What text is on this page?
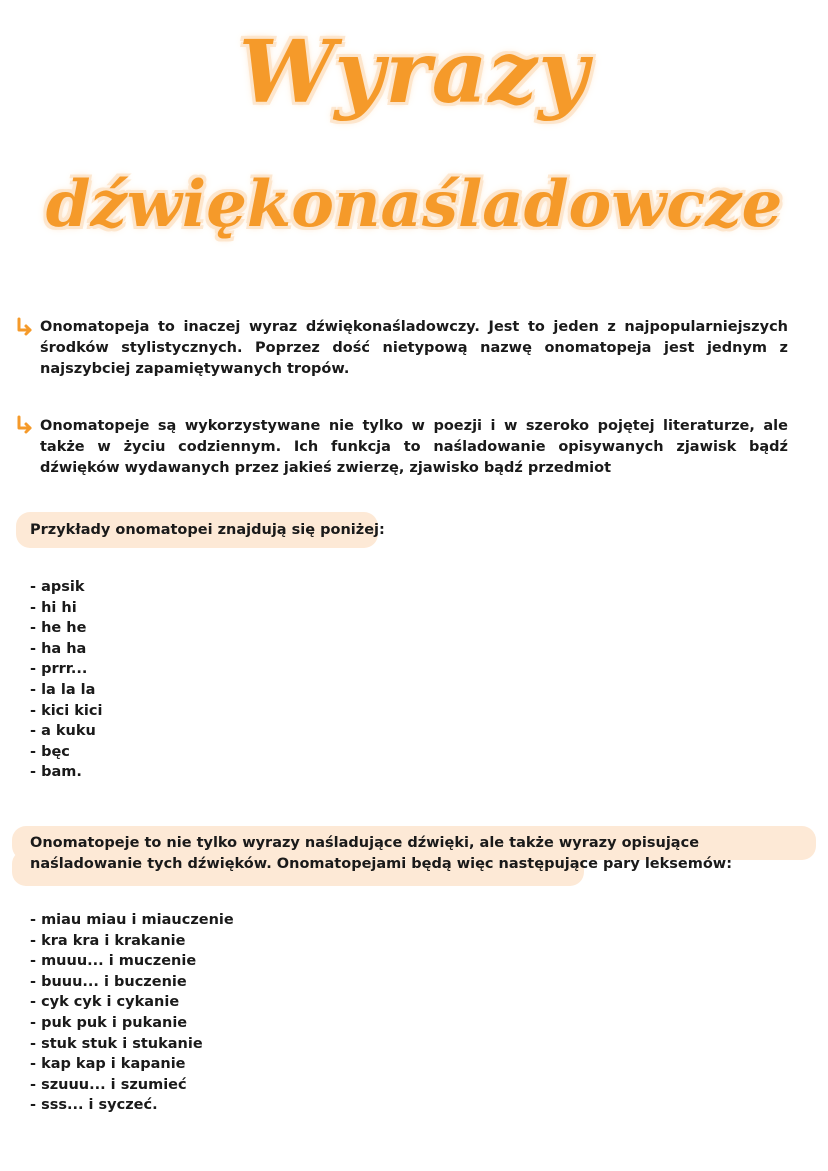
Wyrazy
dźwiękonaśladowcze
Onomatopeja to inaczej wyraz dźwiękonaśladowczy. Jest to jeden z najpopularniejszych środków stylistycznych. Poprzez dość nietypową nazwę onomatopeja jest jednym z najszybciej zapamiętywanych tropów.
Onomatopeje są wykorzystywane nie tylko w poezji i w szeroko pojętej literaturze, ale także w życiu codziennym. Ich funkcja to naśladowanie opisywanych zjawisk bądź dźwięków wydawanych przez jakieś zwierzę, zjawisko bądź przedmiot
Przykłady onomatopei znajdują się poniżej:
- apsik
- hi hi
- he he
- ha ha
- prrr...
- la la la
- kici kici
- a kuku
- bęc
- bam.
Onomatopeje to nie tylko wyrazy naśladujące dźwięki, ale także wyrazy opisujące naśladowanie tych dźwięków. Onomatopejami będą więc następujące pary leksemów:
- miau miau i miauczenie
- kra kra i krakanie
- muuu... i muczenie
- buuu... i buczenie
- cyk cyk i cykanie
- puk puk i pukanie
- stuk stuk i stukanie
- kap kap i kapanie
- szuuu... i szumieć
- sss... i syczeć.
